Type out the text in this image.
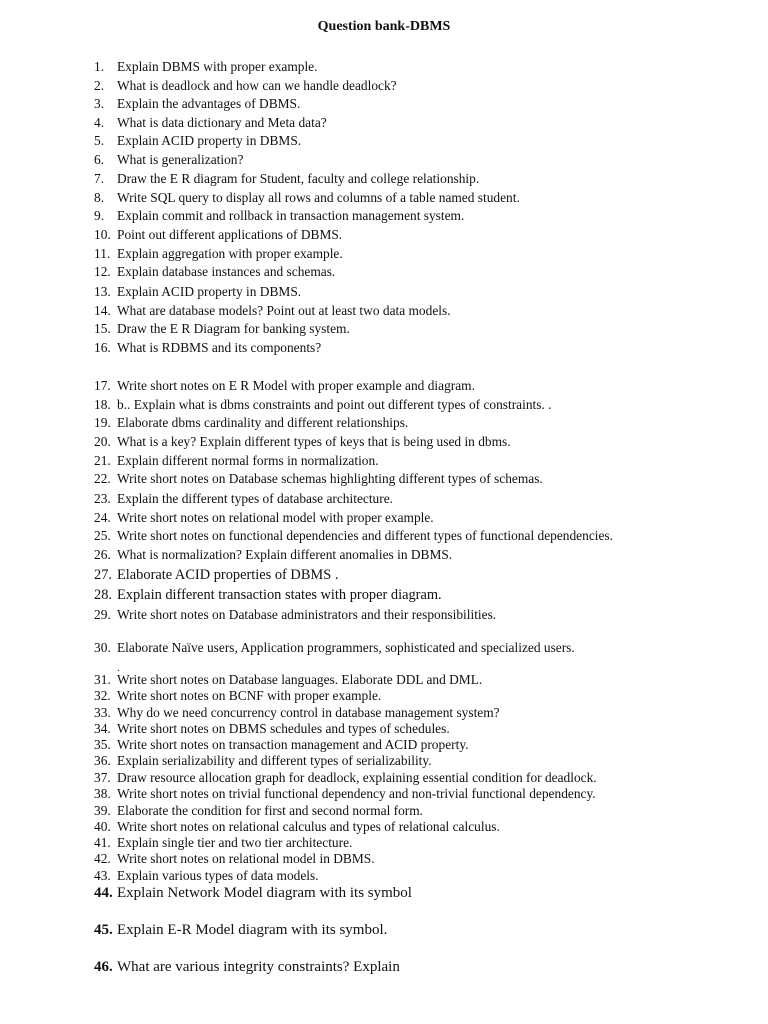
Question bank-DBMS
1. Explain DBMS with proper example.
2. What is deadlock and how can we handle deadlock?
3. Explain the advantages of DBMS.
4. What is data dictionary and Meta data?
5. Explain ACID property in DBMS.
6. What is generalization?
7. Draw the E R diagram for Student, faculty and college relationship.
8. Write SQL query to display all rows and columns of a table named student.
9. Explain commit and rollback in transaction management system.
10. Point out different applications of DBMS.
11. Explain aggregation with proper example.
12. Explain database instances and schemas.
13. Explain ACID property in DBMS.
14. What are database models? Point out at least two data models.
15. Draw the E R Diagram for banking system.
16. What is RDBMS and its components?
17. Write short notes on E R Model with proper example and diagram.
18. b.. Explain what is dbms constraints and point out different types of constraints. .
19. Elaborate dbms cardinality and different relationships.
20. What is a key? Explain different types of keys that is being used in dbms.
21. Explain different normal forms in normalization.
22. Write short notes on Database schemas highlighting different types of schemas.
23. Explain the different types of database architecture.
24. Write short notes on relational model with proper example.
25. Write short notes on functional dependencies and different types of functional dependencies.
26. What is normalization? Explain different anomalies in DBMS.
27. Elaborate ACID properties of DBMS .
28. Explain different transaction states with proper diagram.
29. Write short notes on Database administrators and their responsibilities.
30. Elaborate Naïve users, Application programmers, sophisticated and specialized users.
.
31. Write short notes on Database languages. Elaborate DDL and DML.
32. Write short notes on BCNF with proper example.
33. Why do we need concurrency control in database management system?
34. Write short notes on DBMS schedules and types of schedules.
35. Write short notes on transaction management and ACID property.
36. Explain serializability and different types of serializability.
37. Draw resource allocation graph for deadlock, explaining essential condition for deadlock.
38. Write short notes on trivial functional dependency and non-trivial functional dependency.
39. Elaborate the condition for first and second normal form.
40. Write short notes on relational calculus and types of relational calculus.
41. Explain single tier and two tier architecture.
42. Write short notes on relational model in DBMS.
43. Explain various types of data models.
44. Explain Network Model diagram with its symbol
45. Explain E-R Model diagram with its symbol.
46. What are various integrity constraints? Explain
